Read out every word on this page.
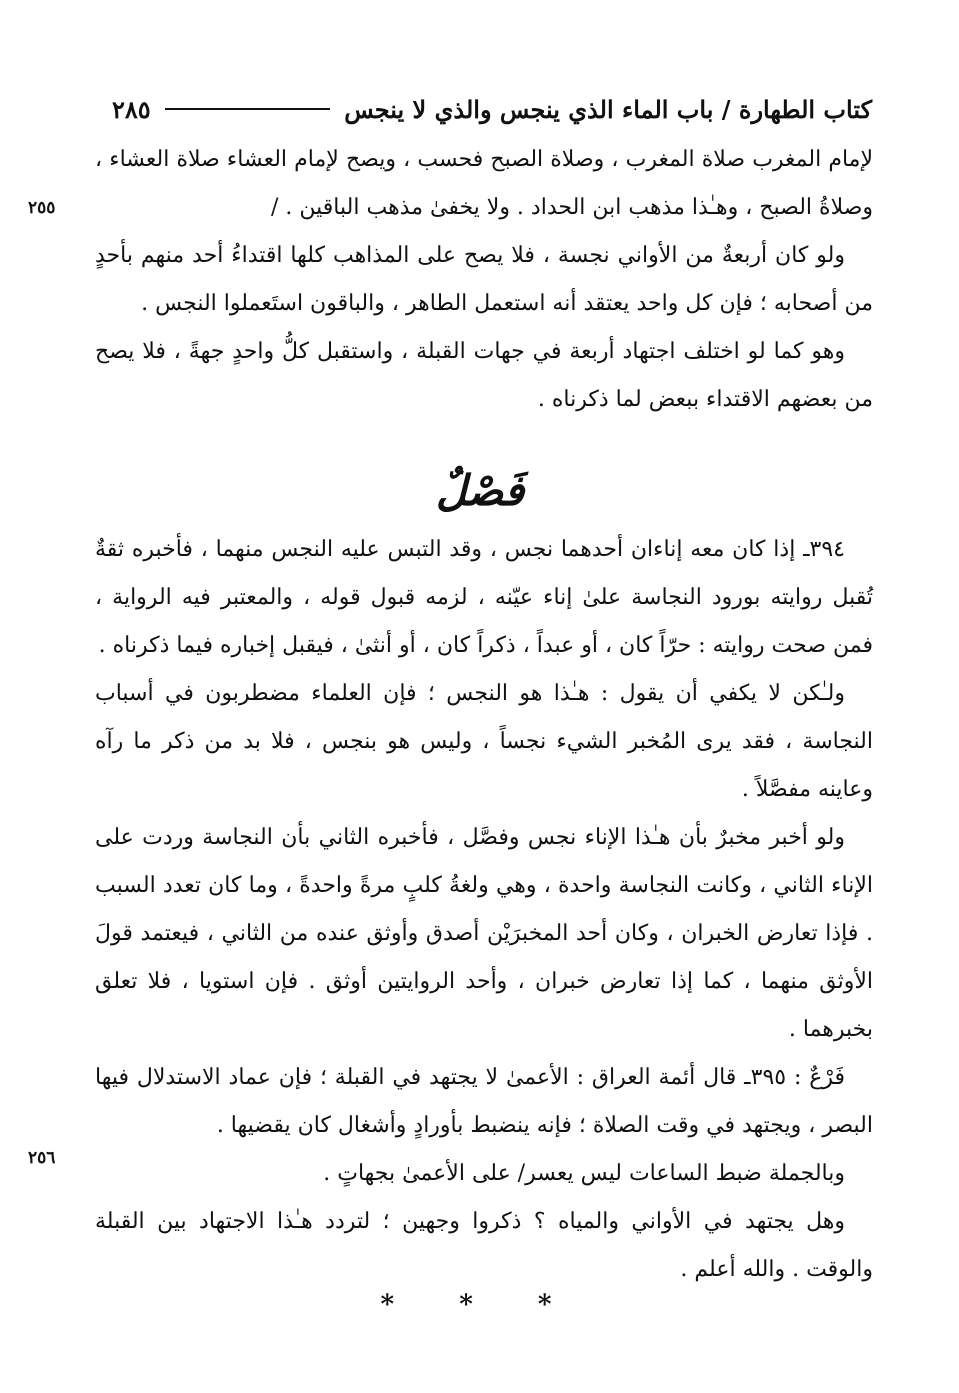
كتاب الطهارة / باب الماء الذي ينجس والذي لا ينجس
٢٨٥
٢٥٥
٢٥٦

لإمام المغرب صلاة المغرب ، وصلاة الصبح فحسب ، ويصح لإمام العشاء صلاة العشاء ، وصلاةُ الصبح ، وهـٰذا مذهب ابن الحداد . ولا يخفىٰ مذهب الباقين . /

ولو كان أربعةٌ من الأواني نجسة ، فلا يصح على المذاهب كلها اقتداءُ أحد منهم بأحدٍ من أصحابه ؛ فإن كل واحد يعتقد أنه استعمل الطاهر ، والباقون استَعملوا النجس .

وهو كما لو اختلف اجتهاد أربعة في جهات القبلة ، واستقبل كلُّ واحدٍ جهةً ، فلا يصح من بعضهم الاقتداء ببعض لما ذكرناه .

فَصْلٌ

٣٩٤ـ إذا كان معه إناءان أحدهما نجس ، وقد التبس عليه النجس منهما ، فأخبره ثقةٌ تُقبل روايته بورود النجاسة علىٰ إناء عيّنه ، لزمه قبول قوله ، والمعتبر فيه الرواية ، فمن صحت روايته : حرّاً كان ، أو عبداً ، ذكراً كان ، أو أنثىٰ ، فيقبل إخباره فيما ذكرناه .

ولـٰكن لا يكفي أن يقول : هـٰذا هو النجس ؛ فإن العلماء مضطربون في أسباب النجاسة ، فقد يرى المُخبر الشيء نجساً ، وليس هو بنجس ، فلا بد من ذكر ما رآه وعاينه مفصَّلاً .

ولو أخبر مخبرٌ بأن هـٰذا الإناء نجس وفصَّل ، فأخبره الثاني بأن النجاسة وردت على الإناء الثاني ، وكانت النجاسة واحدة ، وهي ولغةُ كلبٍ مرةً واحدةً ، وما كان تعدد السبب . فإذا تعارض الخبران ، وكان أحد المخبرَيْن أصدق وأوثق عنده من الثاني ، فيعتمد قولَ الأوثق منهما ، كما إذا تعارض خبران ، وأحد الروايتين أوثق . فإن استويا ، فلا تعلق بخبرهما .

فَرْعٌ : ٣٩٥ـ قال أئمة العراق : الأعمىٰ لا يجتهد في القبلة ؛ فإن عماد الاستدلال فيها البصر ، ويجتهد في وقت الصلاة ؛ فإنه ينضبط بأورادٍ وأشغال كان يقضيها .

وبالجملة ضبط الساعات ليس يعسر/ على الأعمىٰ بجهاتٍ .

وهل يجتهد في الأواني والمياه ؟ ذكروا وجهين ؛ لتردد هـٰذا الاجتهاد بين القبلة والوقت . والله أعلم .

* * *
